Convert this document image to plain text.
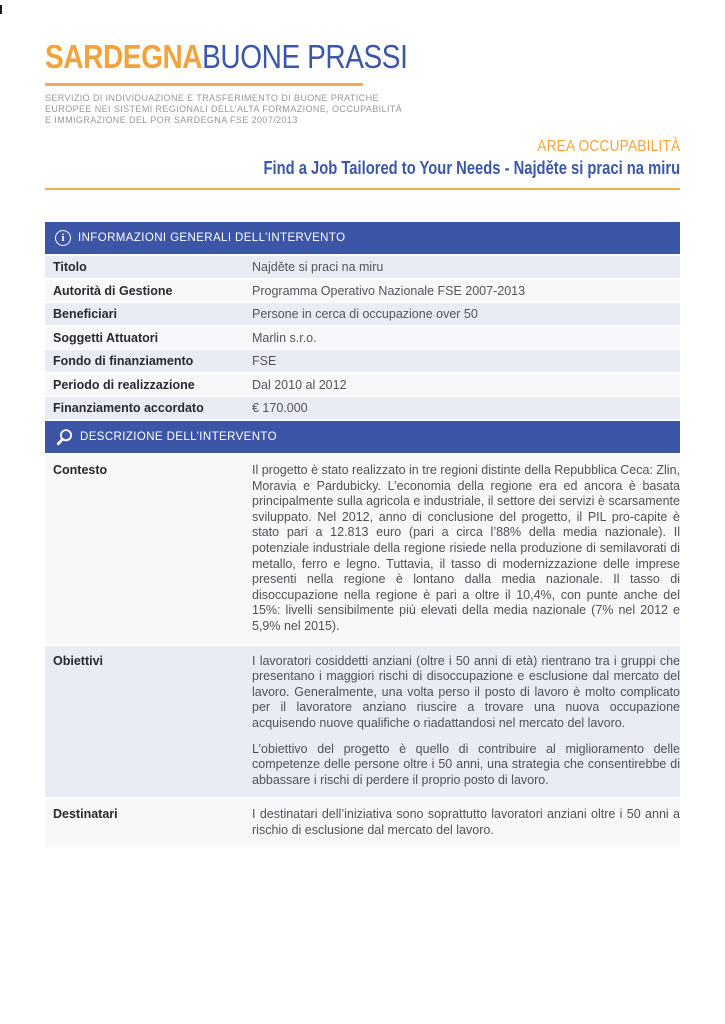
SARDEGNABUONE PRASSI
SERVIZIO DI INDIVIDUAZIONE E TRASFERIMENTO DI BUONE PRATICHE
EUROPEE NEI SISTEMI REGIONALI DELL’ALTA FORMAZIONE, OCCUPABILITÀ
E IMMIGRAZIONE DEL POR SARDEGNA FSE 2007/2013
AREA OCCUPABILITÀ
Find a Job Tailored to Your Needs - Najděte si praci na miru
i	INFORMAZIONI GENERALI DELL’INTERVENTO
Titolo	Najděte si praci na miru
Autorità di Gestione	Programma Operativo Nazionale FSE 2007-2013
Beneficiari	Persone in cerca di occupazione over 50
Soggetti Attuatori	Marlin s.r.o.
Fondo di finanziamento	FSE
Periodo di realizzazione	Dal 2010 al 2012
Finanziamento accordato	€ 170.000
DESCRIZIONE DELL’INTERVENTO
Contesto	Il progetto è stato realizzato in tre regioni distinte della Repubblica Ceca: Zlin, Moravia e Pardubicky. L’economia della regione era ed ancora è basata principalmente sulla agricola e industriale, il settore dei servizi è scarsamente sviluppato. Nel 2012, anno di conclusione del progetto, il PIL pro-capite è stato pari a 12.813 euro (pari a circa l’88% della media nazionale). Il potenziale industriale della regione risiede nella produzione di semilavorati di metallo, ferro e legno. Tuttavia, il tasso di modernizzazione delle imprese presenti nella regione è lontano dalla media nazionale. Il tasso di disoccupazione nella regione è pari a oltre il 10,4%, con punte anche del 15%: livelli sensibilmente più elevati della media nazionale (7% nel 2012 e 5,9% nel 2015).

Obiettivi	I lavoratori cosiddetti anziani (oltre i 50 anni di età) rientrano tra i gruppi che presentano i maggiori rischi di disoccupazione e esclusione dal mercato del lavoro. Generalmente, una volta perso il posto di lavoro è molto complicato per il lavoratore anziano riuscire a trovare una nuova occupazione acquisendo nuove qualifiche o riadattandosi nel mercato del lavoro.

L’obiettivo del progetto è quello di contribuire al miglioramento delle competenze delle persone oltre i 50 anni, una strategia che consentirebbe di abbassare i rischi di perdere il proprio posto di lavoro.

Destinatari	I destinatari dell’iniziativa sono soprattutto lavoratori anziani oltre i 50 anni a rischio di esclusione dal mercato del lavoro.
